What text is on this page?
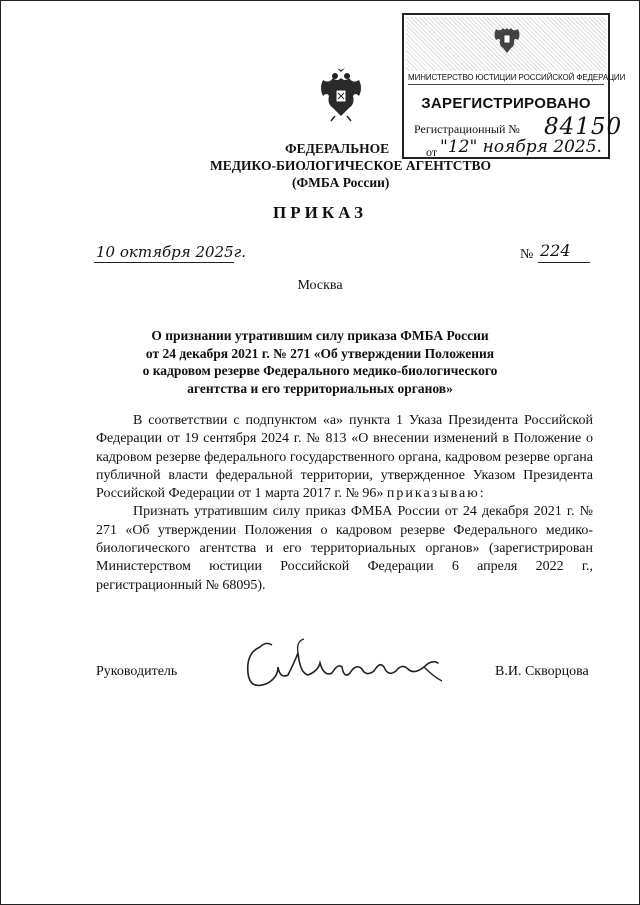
МИНИСТЕРСТВО ЮСТИЦИИ РОССИЙСКОЙ ФЕДЕРАЦИИ
ЗАРЕГИСТРИРОВАНО
Регистрационный № 84150
от "12" ноября 2025.
ФЕДЕРАЛЬНОЕ
МЕДИКО-БИОЛОГИЧЕСКОЕ АГЕНТСТВО
(ФМБА России)
ПРИКАЗ
10 октября 2025г.	№ 224
Москва
О признании утратившим силу приказа ФМБА России
от 24 декабря 2021 г. № 271 «Об утверждении Положения
о кадровом резерве Федерального медико-биологического
агентства и его территориальных органов»

В соответствии с подпунктом «а» пункта 1 Указа Президента Российской Федерации от 19 сентября 2024 г. № 813 «О внесении изменений в Положение о кадровом резерве федерального государственного органа, кадровом резерве органа публичной власти федеральной территории, утвержденное Указом Президента Российской Федерации от 1 марта 2017 г. № 96» приказываю:

Признать утратившим силу приказ ФМБА России от 24 декабря 2021 г. № 271 «Об утверждении Положения о кадровом резерве Федерального медико-биологического агентства и его территориальных органов» (зарегистрирован Министерством юстиции Российской Федерации 6 апреля 2022 г., регистрационный № 68095).

Руководитель	В.И. Скворцова
